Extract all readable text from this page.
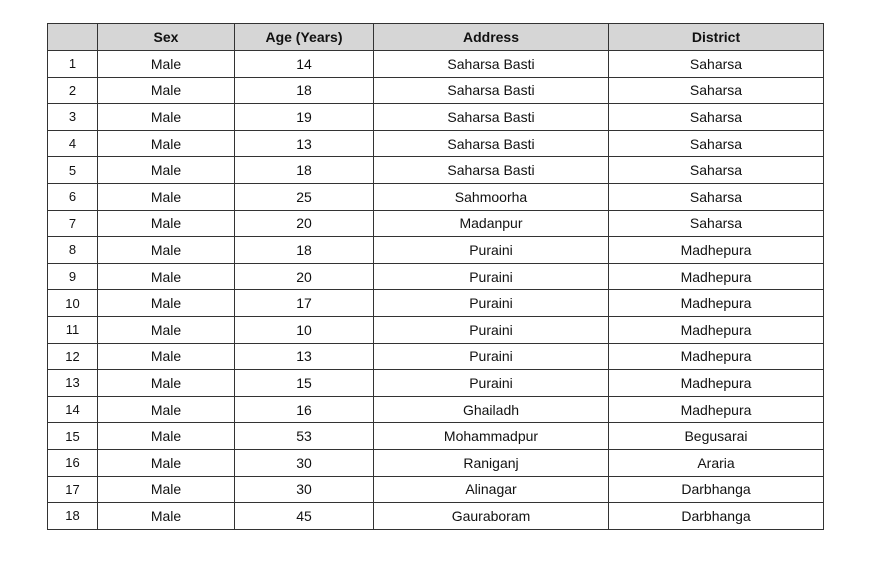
	Sex	Age (Years)	Address	District
1	Male	14	Saharsa Basti	Saharsa
2	Male	18	Saharsa Basti	Saharsa
3	Male	19	Saharsa Basti	Saharsa
4	Male	13	Saharsa Basti	Saharsa
5	Male	18	Saharsa Basti	Saharsa
6	Male	25	Sahmoorha	Saharsa
7	Male	20	Madanpur	Saharsa
8	Male	18	Puraini	Madhepura
9	Male	20	Puraini	Madhepura
10	Male	17	Puraini	Madhepura
11	Male	10	Puraini	Madhepura
12	Male	13	Puraini	Madhepura
13	Male	15	Puraini	Madhepura
14	Male	16	Ghailadh	Madhepura
15	Male	53	Mohammadpur	Begusarai
16	Male	30	Raniganj	Araria
17	Male	30	Alinagar	Darbhanga
18	Male	45	Gauraboram	Darbhanga
